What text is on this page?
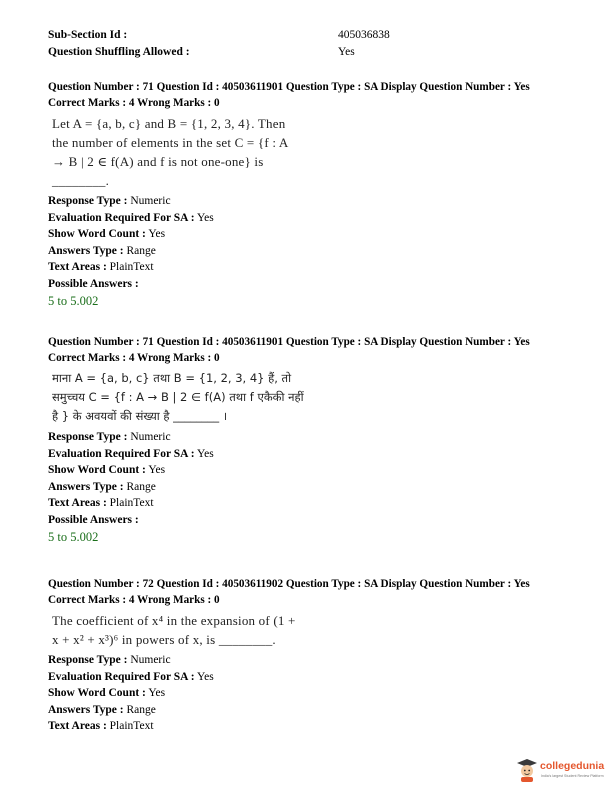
Sub-Section Id :	405036838
Question Shuffling Allowed :	Yes
Question Number : 71 Question Id : 40503611901 Question Type : SA Display Question Number : Yes
Correct Marks : 4 Wrong Marks : 0
Let A = {a, b, c} and B = {1, 2, 3, 4}. Then the number of elements in the set C = {f : A → B | 2 ∈ f(A) and f is not one-one} is ________.
Response Type : Numeric
Evaluation Required For SA : Yes
Show Word Count : Yes
Answers Type : Range
Text Areas : PlainText
Possible Answers :
5 to 5.002
Question Number : 71 Question Id : 40503611901 Question Type : SA Display Question Number : Yes
Correct Marks : 4 Wrong Marks : 0
माना A = {a, b, c} तथा B = {1, 2, 3, 4} हैं, तो समुच्चय C = {f : A → B | 2 ∈ f(A) तथा f एकैकी नहीं है } के अवयवों की संख्या है ________ ।
Response Type : Numeric
Evaluation Required For SA : Yes
Show Word Count : Yes
Answers Type : Range
Text Areas : PlainText
Possible Answers :
5 to 5.002
Question Number : 72 Question Id : 40503611902 Question Type : SA Display Question Number : Yes
Correct Marks : 4 Wrong Marks : 0
The coefficient of x⁴ in the expansion of (1 + x + x² + x³)⁶ in powers of x, is ________.
Response Type : Numeric
Evaluation Required For SA : Yes
Show Word Count : Yes
Answers Type : Range
Text Areas : PlainText
collegedunia
India's largest Student Review Platform
